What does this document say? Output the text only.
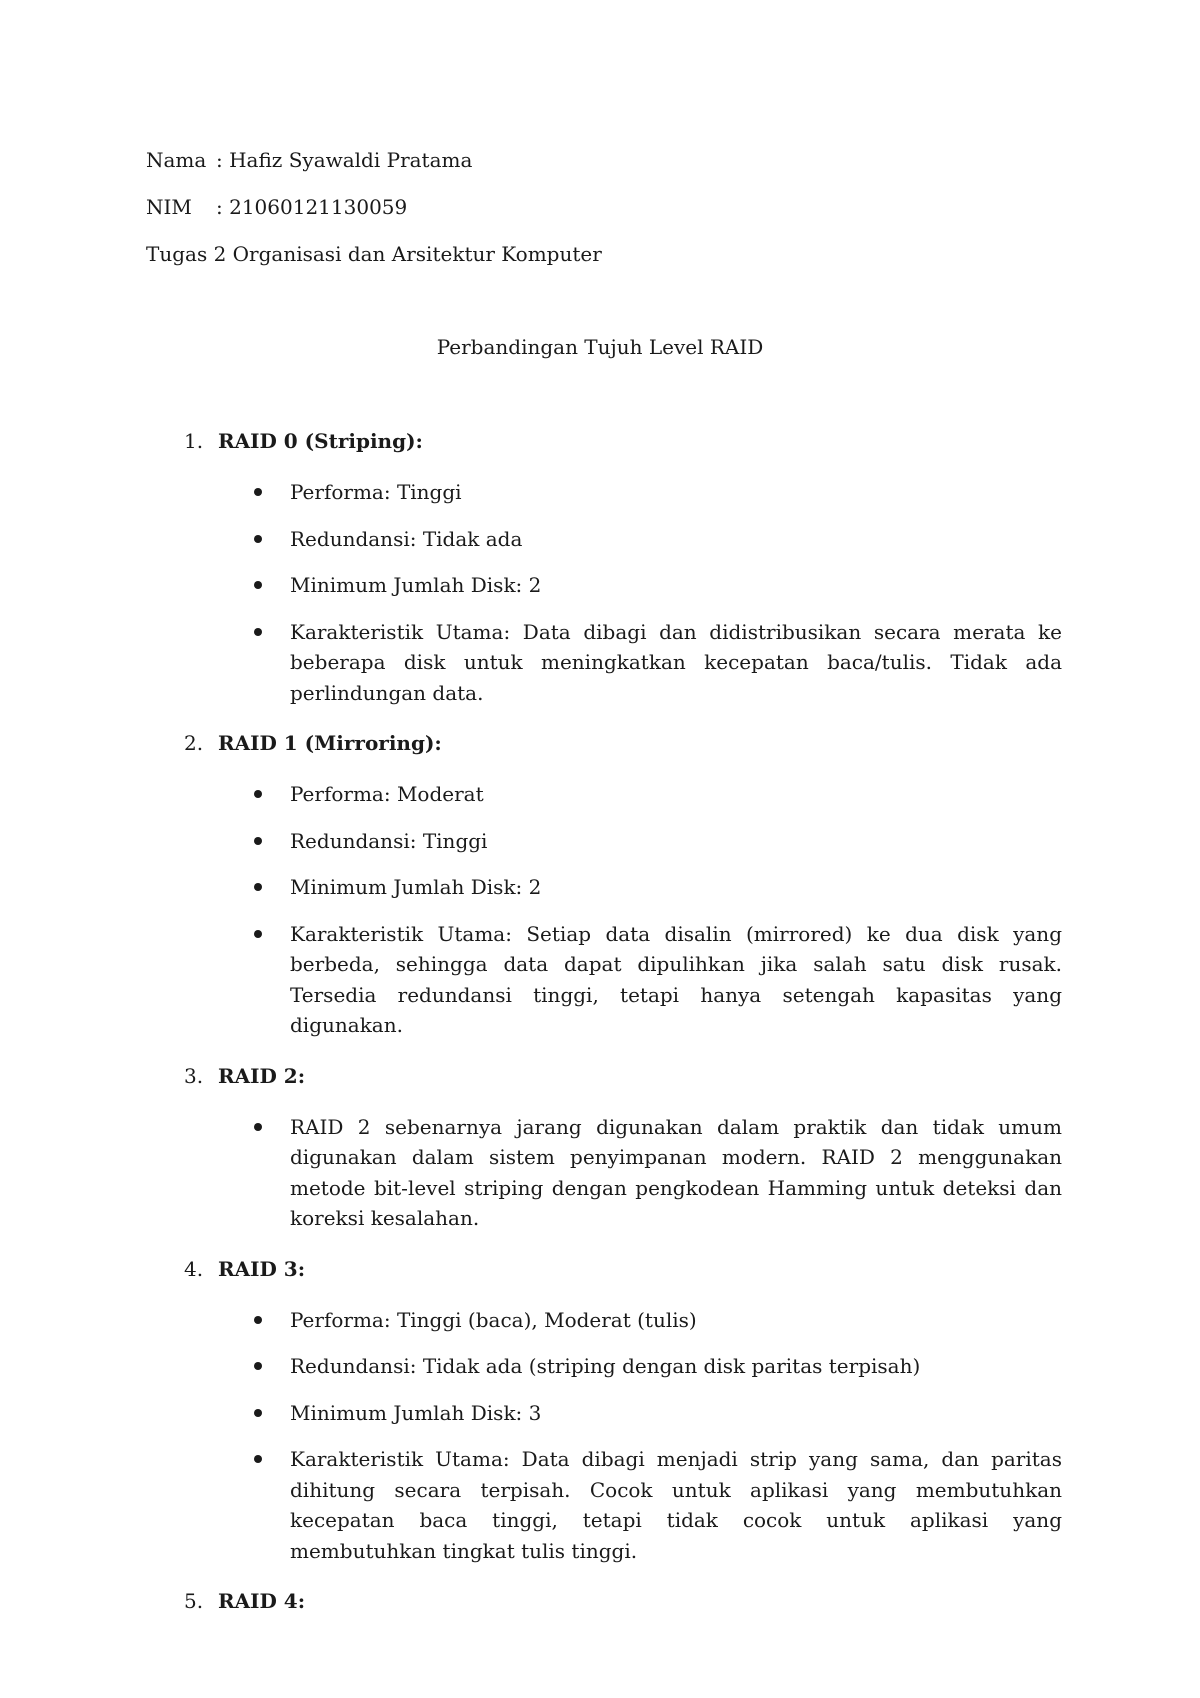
Nama : Hafiz Syawaldi Pratama
NIM : 21060121130059
Tugas 2 Organisasi dan Arsitektur Komputer
Perbandingan Tujuh Level RAID
1. RAID 0 (Striping):
Performa: Tinggi
Redundansi: Tidak ada
Minimum Jumlah Disk: 2
Karakteristik Utama: Data dibagi dan didistribusikan secara merata ke beberapa disk untuk meningkatkan kecepatan baca/tulis. Tidak ada perlindungan data.
2. RAID 1 (Mirroring):
Performa: Moderat
Redundansi: Tinggi
Minimum Jumlah Disk: 2
Karakteristik Utama: Setiap data disalin (mirrored) ke dua disk yang berbeda, sehingga data dapat dipulihkan jika salah satu disk rusak. Tersedia redundansi tinggi, tetapi hanya setengah kapasitas yang digunakan.
3. RAID 2:
RAID 2 sebenarnya jarang digunakan dalam praktik dan tidak umum digunakan dalam sistem penyimpanan modern. RAID 2 menggunakan metode bit-level striping dengan pengkodean Hamming untuk deteksi dan koreksi kesalahan.
4. RAID 3:
Performa: Tinggi (baca), Moderat (tulis)
Redundansi: Tidak ada (striping dengan disk paritas terpisah)
Minimum Jumlah Disk: 3
Karakteristik Utama: Data dibagi menjadi strip yang sama, dan paritas dihitung secara terpisah. Cocok untuk aplikasi yang membutuhkan kecepatan baca tinggi, tetapi tidak cocok untuk aplikasi yang membutuhkan tingkat tulis tinggi.
5. RAID 4:
